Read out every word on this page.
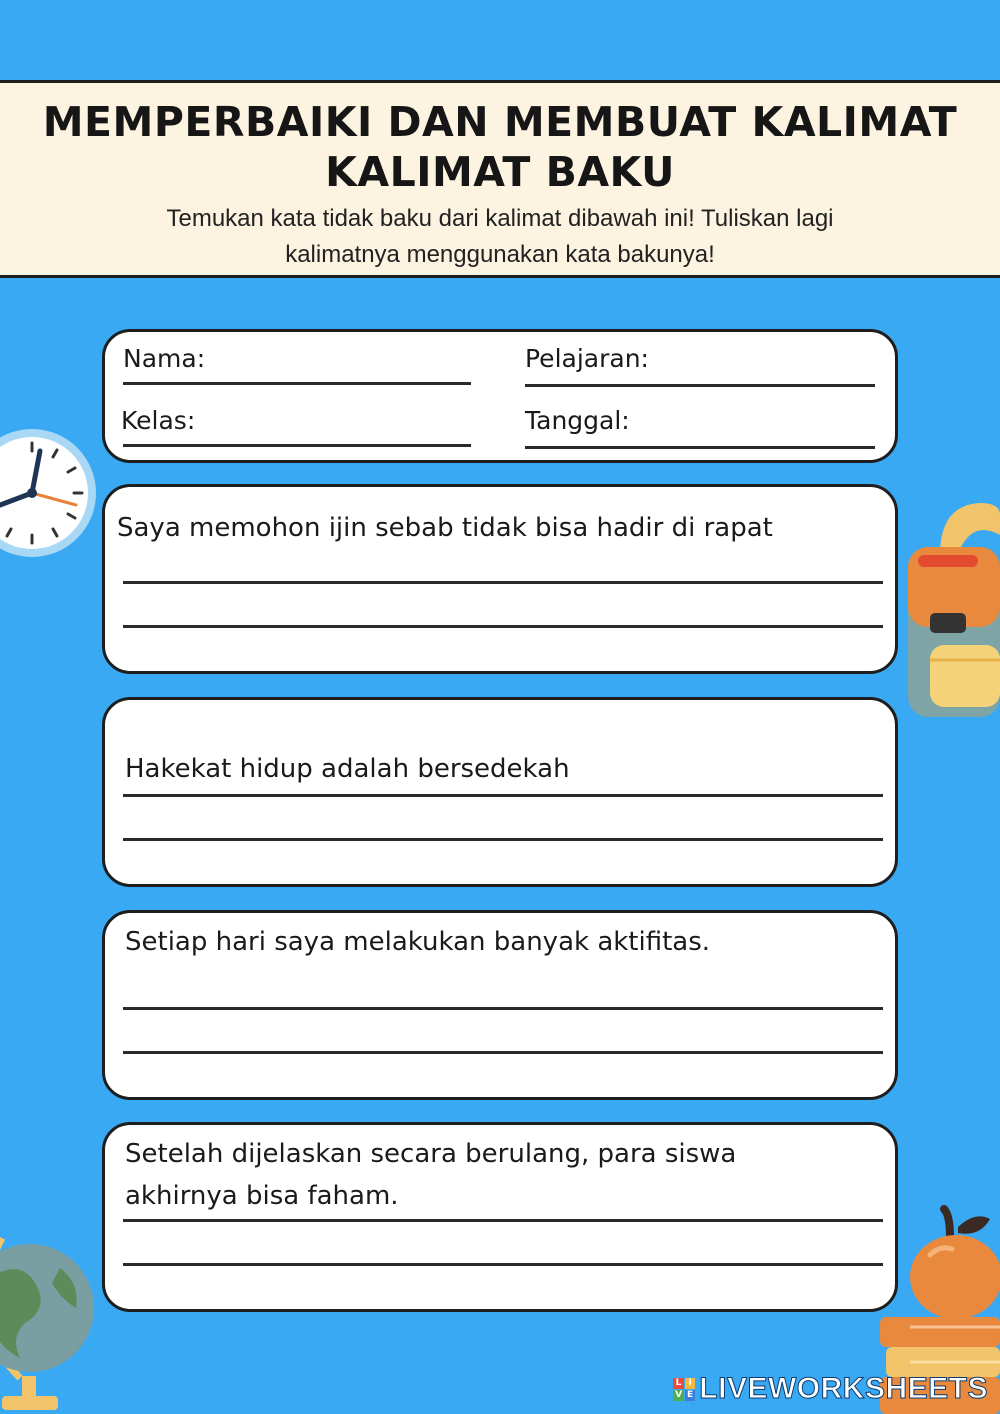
MEMPERBAIKI DAN MEMBUAT KALIMAT
KALIMAT BAKU
Temukan kata tidak baku dari kalimat dibawah ini! Tuliskan lagi
kalimatnya menggunakan kata bakunya!
Nama:	Pelajaran:
Kelas:	Tanggal:
Saya memohon ijin sebab tidak bisa hadir di rapat
Hakekat hidup adalah bersedekah
Setiap hari saya melakukan banyak aktifitas.
Setelah dijelaskan secara berulang, para siswa
akhirnya bisa faham.
L I
V E LIVEWORKSHEETS
